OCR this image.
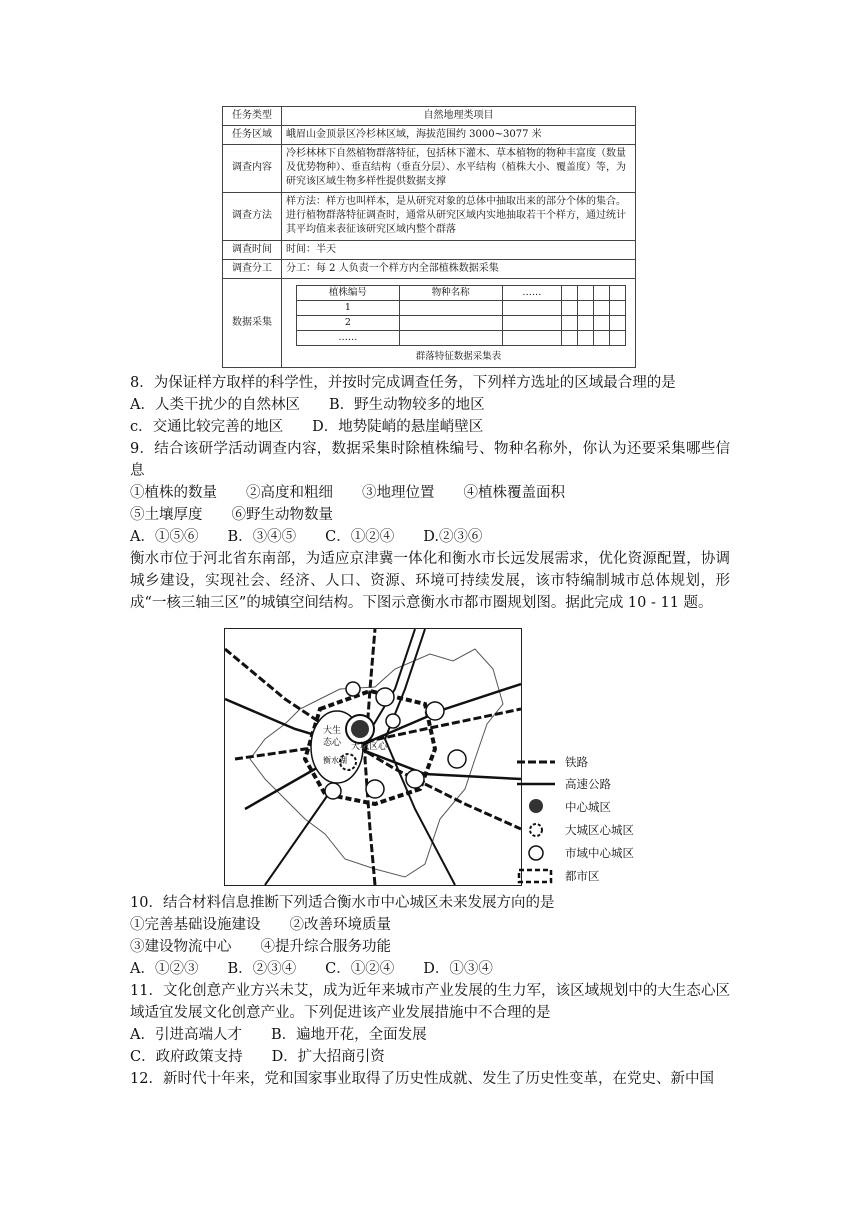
任务类型	自然地理类项目
任务区域	峨眉山金顶景区冷杉林区域，海拔范围约 3000~3077 米
调查内容	冷杉林林下自然植物群落特征，包括林下灌木、草本植物的物种丰富度（数量及优势物种）、垂直结构（垂直分层）、水平结构（植株大小、覆盖度）等，为研究该区域生物多样性提供数据支撑
调查方法	样方法：样方也叫样本，是从研究对象的总体中抽取出来的部分个体的集合。进行植物群落特征调查时，通常从研究区域内实地抽取若干个样方，通过统计其平均值来表征该研究区域内整个群落
调查时间	时间：半天
调查分工	分工：每 2 人负责一个样方内全部植株数据采集
数据采集	
植株编号	物种名称	……				
1						
2						
……						
群落特征数据采集表

8．为保证样方取样的科学性，并按时完成调查任务，下列样方选址的区域最合理的是

A．人类干扰少的自然林区　　B．野生动物较多的地区

c．交通比较完善的地区　　D．地势陡峭的悬崖峭壁区

9．结合该研学活动调查内容，数据采集时除植株编号、物种名称外，你认为还要采集哪些信息

①植株的数量　　②高度和粗细　　③地理位置　　④植株覆盖面积

⑤土壤厚度　　⑥野生动物数量

A．①⑤⑥　　B．③④⑤　　C．①②④　　D.②③⑥

衡水市位于河北省东南部，为适应京津冀一体化和衡水市长远发展需求，优化资源配置，协调城乡建设，实现社会、经济、人口、资源、环境可持续发展，该市特编制城市总体规划，形成“一核三轴三区”的城镇空间结构。下图示意衡水市都市圈规划图。据此完成 10 - 11 题。

大生
态心 大城区心
衡水湖	铁路
高速公路
中心城区
大城区心城区
市域中心城区
都市区

10．结合材料信息推断下列适合衡水市中心城区未来发展方向的是

①完善基础设施建设　　②改善环境质量

③建设物流中心　　④提升综合服务功能

A．①②③　　B．②③④　　C．①②④　　D．①③④

11．文化创意产业方兴未艾，成为近年来城市产业发展的生力军，该区域规划中的大生态心区域适宜发展文化创意产业。下列促进该产业发展措施中不合理的是

A．引进高端人才　　B．遍地开花，全面发展

C．政府政策支持　　D．扩大招商引资

12．新时代十年来，党和国家事业取得了历史性成就、发生了历史性变革，在党史、新中国
